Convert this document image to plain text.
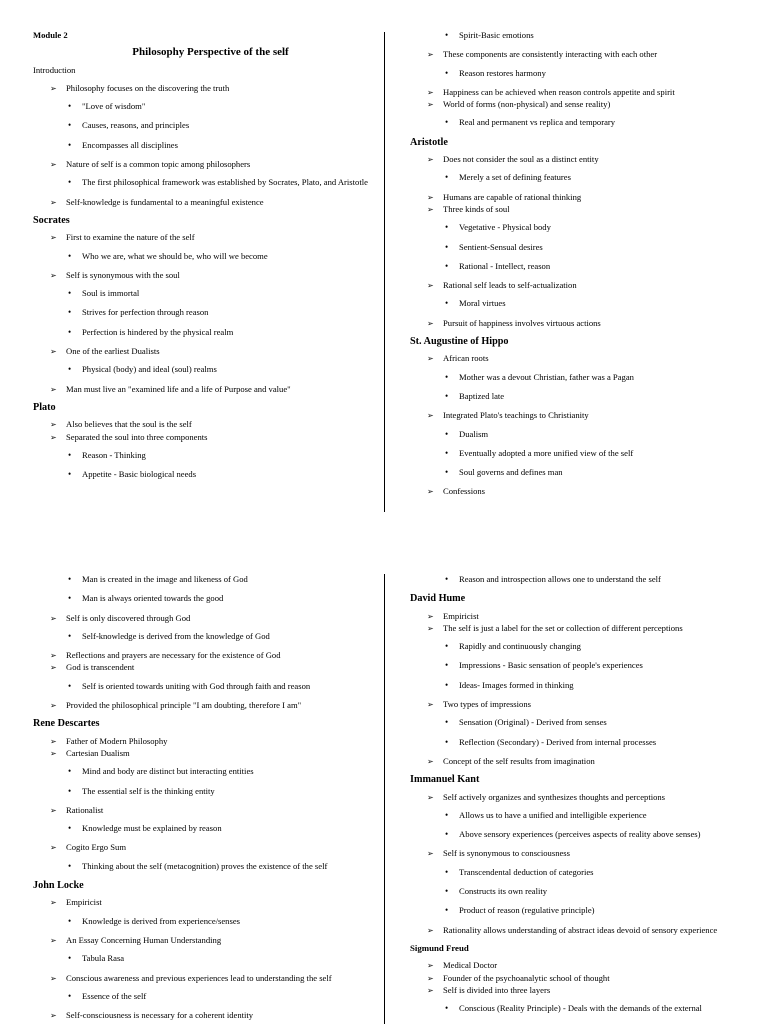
Module 2
Philosophy Perspective of the self
Introduction
➢ Philosophy focuses on the discovering the truth
• "Love of wisdom"
• Causes, reasons, and principles
• Encompasses all disciplines
➢ Nature of self is a common topic among philosophers
• The first philosophical framework was established by Socrates, Plato, and Aristotle
➢ Self-knowledge is fundamental to a meaningful existence
Socrates
➢ First to examine the nature of the self
• Who we are, what we should be, who will we become
➢ Self is synonymous with the soul
• Soul is immortal
• Strives for perfection through reason
• Perfection is hindered by the physical realm
➢ One of the earliest Dualists
• Physical (body) and ideal (soul) realms
➢ Man must live an "examined life and a life of Purpose and value"
Plato
➢ Also believes that the soul is the self
➢ Separated the soul into three components
• Reason - Thinking
• Appetite - Basic biological needs
• Spirit-Basic emotions
➢ These components are consistently interacting with each other
• Reason restores harmony
➢ Happiness can be achieved when reason controls appetite and spirit
➢ World of forms (non-physical) and sense reality)
• Real and permanent vs replica and temporary
Aristotle
➢ Does not consider the soul as a distinct entity
• Merely a set of defining features
➢ Humans are capable of rational thinking
➢ Three kinds of soul
• Vegetative - Physical body
• Sentient-Sensual desires
• Rational - Intellect, reason
➢ Rational self leads to self-actualization
• Moral virtues
➢ Pursuit of happiness involves virtuous actions
St. Augustine of Hippo
➢ African roots
• Mother was a devout Christian, father was a Pagan
• Baptized late
➢ Integrated Plato's teachings to Christianity
• Dualism
• Eventually adopted a more unified view of the self
• Soul governs and defines man
➢ Confessions
• Man is created in the image and likeness of God
• Man is always oriented towards the good
➢ Self is only discovered through God
• Self-knowledge is derived from the knowledge of God
➢ Reflections and prayers are necessary for the existence of God
➢ God is transcendent
• Self is oriented towards uniting with God through faith and reason
➢ Provided the philosophical principle "I am doubting, therefore I am"
Rene Descartes
➢ Father of Modern Philosophy
➢ Cartesian Dualism
• Mind and body are distinct but interacting entities
• The essential self is the thinking entity
➢ Rationalist
• Knowledge must be explained by reason
➢ Cogito Ergo Sum
• Thinking about the self (metacognition) proves the existence of the self
John Locke
➢ Empiricist
• Knowledge is derived from experience/senses
➢ An Essay Concerning Human Understanding
• Tabula Rasa
➢ Conscious awareness and previous experiences lead to understanding the self
• Essence of the self
➢ Self-consciousness is necessary for a coherent identity
• Reason and introspection allows one to understand the self
David Hume
➢ Empiricist
➢ The self is just a label for the set or collection of different perceptions
• Rapidly and continuously changing
• Impressions - Basic sensation of people's experiences
• Ideas- Images formed in thinking
➢ Two types of impressions
• Sensation (Original) - Derived from senses
• Reflection (Secondary) - Derived from internal processes
➢ Concept of the self results from imagination
Immanuel Kant
➢ Self actively organizes and synthesizes thoughts and perceptions
• Allows us to have a unified and intelligible experience
• Above sensory experiences (perceives aspects of reality above senses)
➢ Self is synonymous to consciousness
• Transcendental deduction of categories
• Constructs its own reality
• Product of reason (regulative principle)
➢ Rationality allows understanding of abstract ideas devoid of sensory experience
Sigmund Freud
➢ Medical Doctor
➢ Founder of the psychoanalytic school of thought
➢ Self is divided into three layers
• Conscious (Reality Principle) - Deals with the demands of the external
